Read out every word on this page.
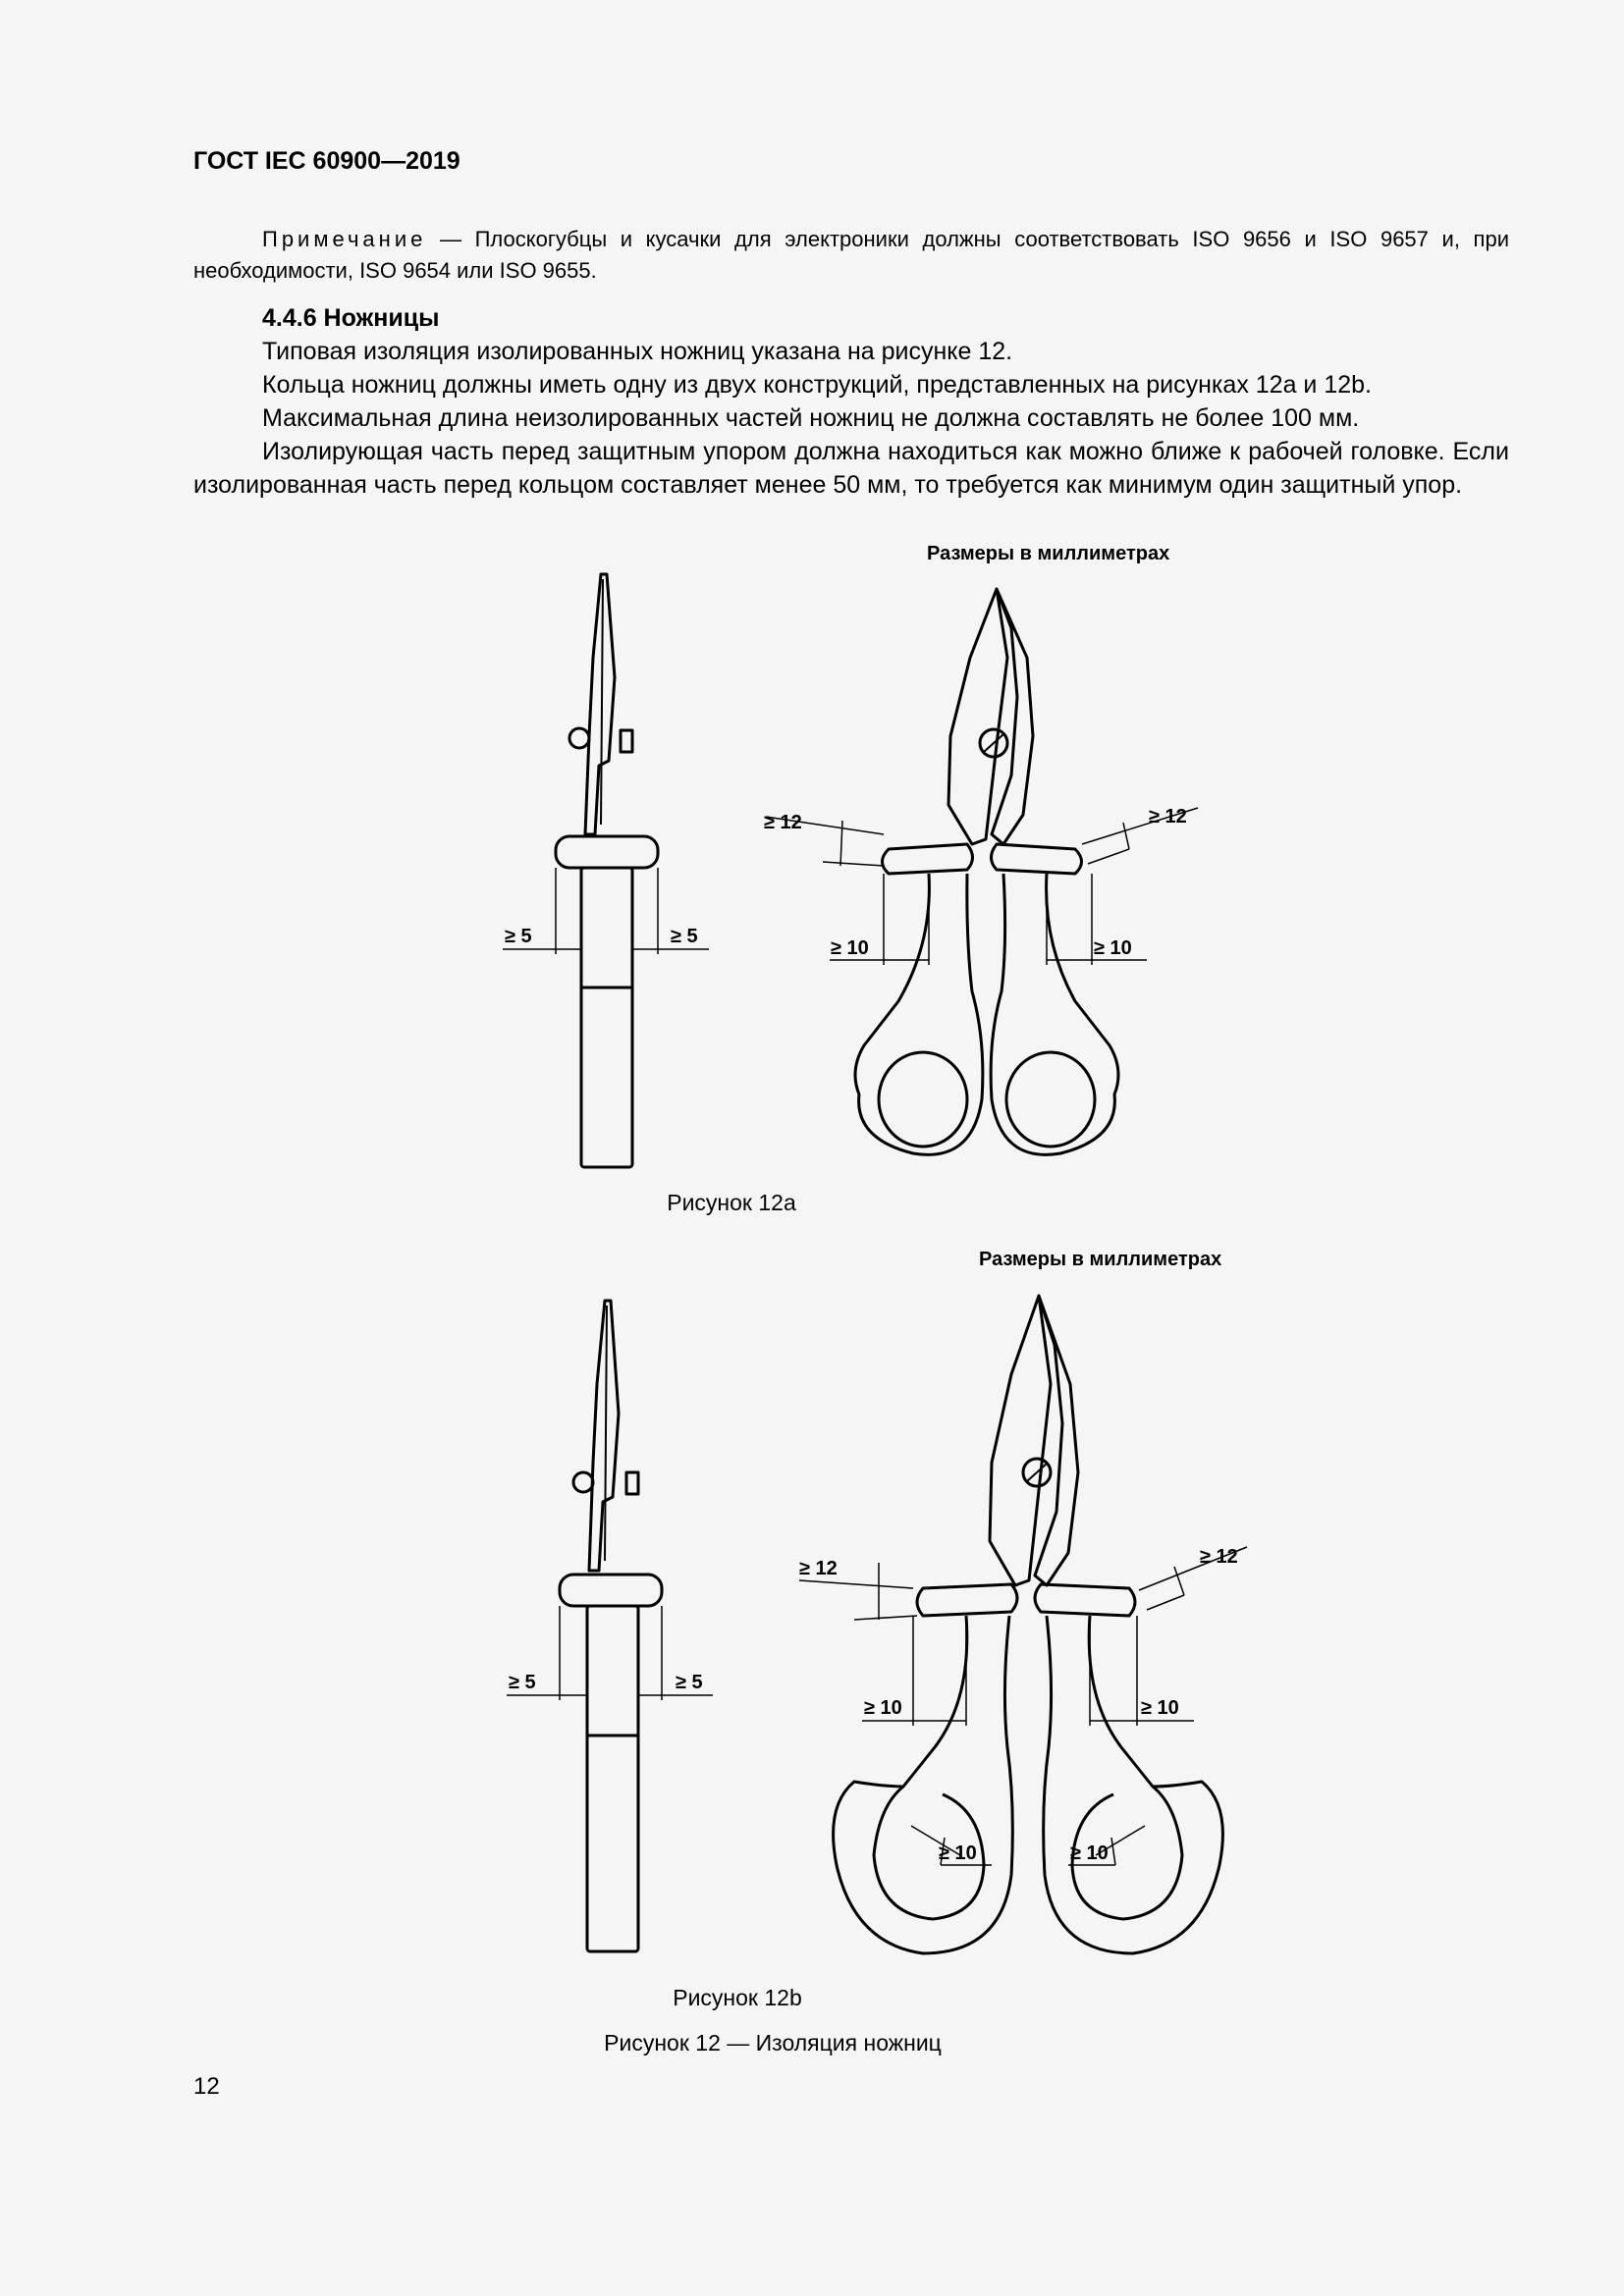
ГОСТ IEC 60900—2019

Примечание — Плоскогубцы и кусачки для электроники должны соответствовать ISO 9656 и ISO 9657 и, при необходимости, ISO 9654 или ISO 9655.

4.4.6 Ножницы

Типовая изоляция изолированных ножниц указана на рисунке 12.

Кольца ножниц должны иметь одну из двух конструкций, представленных на рисунках 12a и 12b.

Максимальная длина неизолированных частей ножниц не должна составлять не более 100 мм.

Изолирующая часть перед защитным упором должна находиться как можно ближе к рабочей головке. Если изолированная часть перед кольцом составляет менее 50 мм, то требуется как минимум один защитный упор.

Размеры в миллиметрах
≥ 5	≥ 5
≥ 12	≥ 12
≥ 10	≥ 10
Рисунок 12a
Размеры в миллиметрах
≥ 5	≥ 5
≥ 12
≥ 12
≥ 10	≥ 10
≥ 10	≥ 10
Рисунок 12b
Рисунок 12 — Изоляция ножниц
12
